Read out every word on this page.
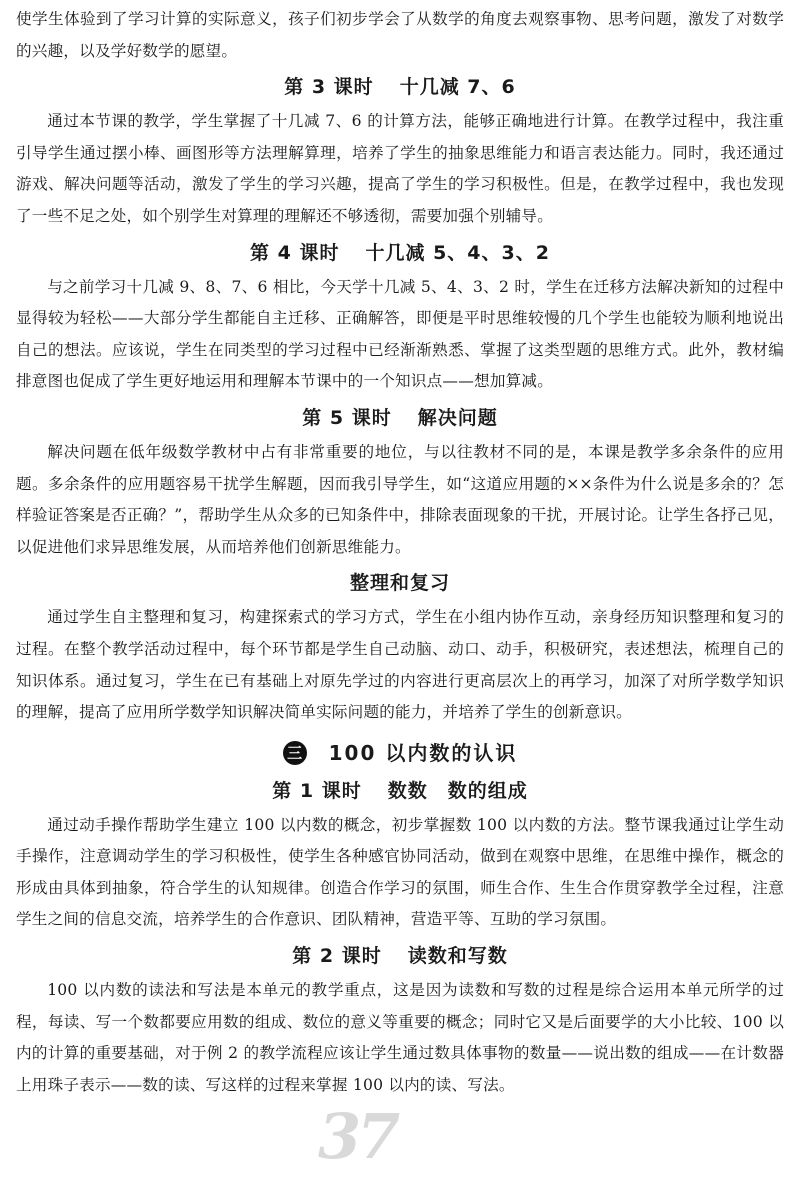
使学生体验到了学习计算的实际意义，孩子们初步学会了从数学的角度去观察事物、思考问题，激发了对数学的兴趣，以及学好数学的愿望。

第 3 课时 十几减 7、6

通过本节课的教学，学生掌握了十几减 7、6 的计算方法，能够正确地进行计算。在教学过程中，我注重引导学生通过摆小棒、画图形等方法理解算理，培养了学生的抽象思维能力和语言表达能力。同时，我还通过游戏、解决问题等活动，激发了学生的学习兴趣，提高了学生的学习积极性。但是，在教学过程中，我也发现了一些不足之处，如个别学生对算理的理解还不够透彻，需要加强个别辅导。

第 4 课时 十几减 5、4、3、2

与之前学习十几减 9、8、7、6 相比，今天学十几减 5、4、3、2 时，学生在迁移方法解决新知的过程中显得较为轻松——大部分学生都能自主迁移、正确解答，即便是平时思维较慢的几个学生也能较为顺利地说出自己的想法。应该说，学生在同类型的学习过程中已经渐渐熟悉、掌握了这类型题的思维方式。此外，教材编排意图也促成了学生更好地运用和理解本节课中的一个知识点——想加算减。

第 5 课时 解决问题

解决问题在低年级数学教材中占有非常重要的地位，与以往教材不同的是，本课是教学多余条件的应用题。多余条件的应用题容易干扰学生解题，因而我引导学生，如“这道应用题的××条件为什么说是多余的？怎样验证答案是否正确？”，帮助学生从众多的已知条件中，排除表面现象的干扰，开展讨论。让学生各抒己见，以促进他们求异思维发展，从而培养他们创新思维能力。

整理和复习

通过学生自主整理和复习，构建探索式的学习方式，学生在小组内协作互动，亲身经历知识整理和复习的过程。在整个教学活动过程中，每个环节都是学生自己动脑、动口、动手，积极研究，表述想法，梳理自己的知识体系。通过复习，学生在已有基础上对原先学过的内容进行更高层次上的再学习，加深了对所学数学知识的理解，提高了应用所学数学知识解决简单实际问题的能力，并培养了学生的创新意识。

三 100 以内数的认识
第 1 课时 数数　数的组成

通过动手操作帮助学生建立 100 以内数的概念，初步掌握数 100 以内数的方法。整节课我通过让学生动手操作，注意调动学生的学习积极性，使学生各种感官协同活动，做到在观察中思维，在思维中操作，概念的形成由具体到抽象，符合学生的认知规律。创造合作学习的氛围，师生合作、生生合作贯穿教学全过程，注意学生之间的信息交流，培养学生的合作意识、团队精神，营造平等、互助的学习氛围。

第 2 课时 读数和写数

100 以内数的读法和写法是本单元的教学重点，这是因为读数和写数的过程是综合运用本单元所学的过程，每读、写一个数都要应用数的组成、数位的意义等重要的概念；同时它又是后面要学的大小比较、100 以内的计算的重要基础，对于例 2 的教学流程应该让学生通过数具体事物的数量——说出数的组成——在计数器上用珠子表示——数的读、写这样的过程来掌握 100 以内的读、写法。

37
